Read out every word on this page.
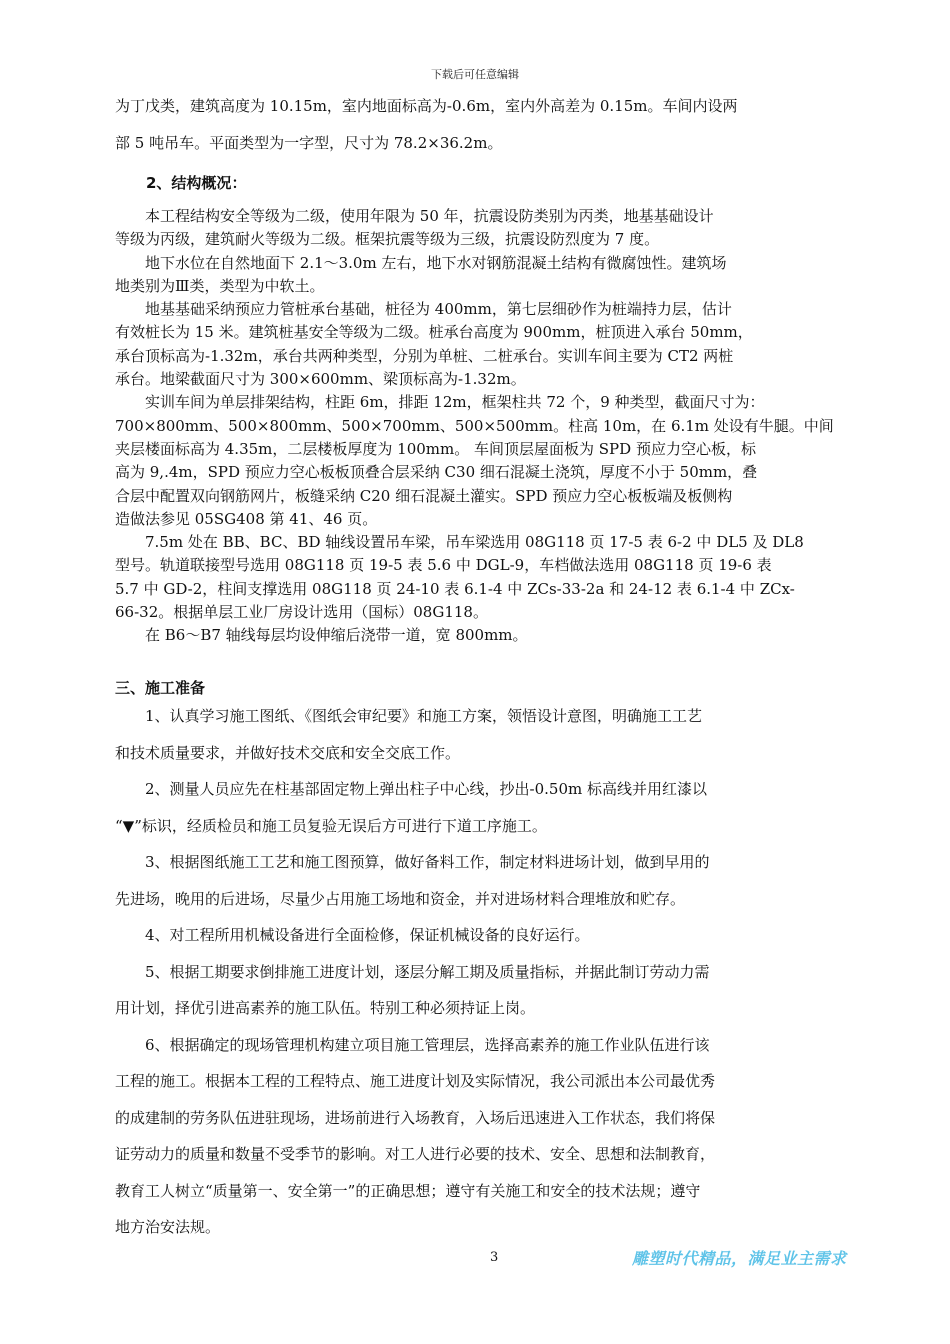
下载后可任意编辑
为丁戊类，建筑高度为 10.15m，室内地面标高为-0.6m，室内外高差为 0.15m。车间内设两
部 5 吨吊车。平面类型为一字型，尺寸为 78.2×36.2m。
2、结构概况：
　　本工程结构安全等级为二级，使用年限为 50 年，抗震设防类别为丙类，地基基础设计
等级为丙级，建筑耐火等级为二级。框架抗震等级为三级，抗震设防烈度为 7 度。
　　地下水位在自然地面下 2.1～3.0m 左右，地下水对钢筋混凝土结构有微腐蚀性。建筑场
地类别为Ⅲ类，类型为中软土。
　　地基基础采纳预应力管桩承台基础，桩径为 400mm，第七层细砂作为桩端持力层，估计
有效桩长为 15 米。建筑桩基安全等级为二级。桩承台高度为 900mm，桩顶进入承台 50mm，
承台顶标高为-1.32m，承台共两种类型，分别为单桩、二桩承台。实训车间主要为 CT2 两桩
承台。地梁截面尺寸为 300×600mm、梁顶标高为-1.32m。
　　实训车间为单层排架结构，柱距 6m，排距 12m，框架柱共 72 个，9 种类型，截面尺寸为：
700×800mm、500×800mm、500×700mm、500×500mm。柱高 10m，在 6.1m 处设有牛腿。中间
夹层楼面标高为 4.35m，二层楼板厚度为 100mm。 车间顶层屋面板为 SPD 预应力空心板，标
高为 9,.4m，SPD 预应力空心板板顶叠合层采纳 C30 细石混凝土浇筑，厚度不小于 50mm，叠
合层中配置双向钢筋网片，板缝采纳 C20 细石混凝土灌实。SPD 预应力空心板板端及板侧构
造做法参见 05SG408 第 41、46 页。
　　7.5m 处在 BB、BC、BD 轴线设置吊车梁，吊车梁选用 08G118 页 17-5 表 6-2 中 DL5 及 DL8
型号。轨道联接型号选用 08G118 页 19-5 表 5.6 中 DGL-9，车档做法选用 08G118 页 19-6 表
5.7 中 GD-2，柱间支撑选用 08G118 页 24-10 表 6.1-4 中 ZCs-33-2a 和 24-12 表 6.1-4 中 ZCx-
66-32。根据单层工业厂房设计选用（国标）08G118。
　　在 B6～B7 轴线每层均设伸缩后浇带一道，宽 800mm。
三、施工准备
　　1、认真学习施工图纸、《图纸会审纪要》和施工方案，领悟设计意图，明确施工工艺
和技术质量要求，并做好技术交底和安全交底工作。
　　2、测量人员应先在柱基部固定物上弹出柱子中心线，抄出-0.50m 标高线并用红漆以
“▼”标识，经质检员和施工员复验无误后方可进行下道工序施工。
　　3、根据图纸施工工艺和施工图预算，做好备料工作，制定材料进场计划，做到早用的
先进场，晚用的后进场，尽量少占用施工场地和资金，并对进场材料合理堆放和贮存。
　　4、对工程所用机械设备进行全面检修，保证机械设备的良好运行。
　　5、根据工期要求倒排施工进度计划，逐层分解工期及质量指标，并据此制订劳动力需
用计划，择优引进高素养的施工队伍。特别工种必须持证上岗。
　　6、根据确定的现场管理机构建立项目施工管理层，选择高素养的施工作业队伍进行该
工程的施工。根据本工程的工程特点、施工进度计划及实际情况，我公司派出本公司最优秀
的成建制的劳务队伍进驻现场，进场前进行入场教育，入场后迅速进入工作状态，我们将保
证劳动力的质量和数量不受季节的影响。对工人进行必要的技术、安全、思想和法制教育，
教育工人树立“质量第一、安全第一”的正确思想；遵守有关施工和安全的技术法规；遵守
地方治安法规。
3	雕塑时代精品，满足业主需求
